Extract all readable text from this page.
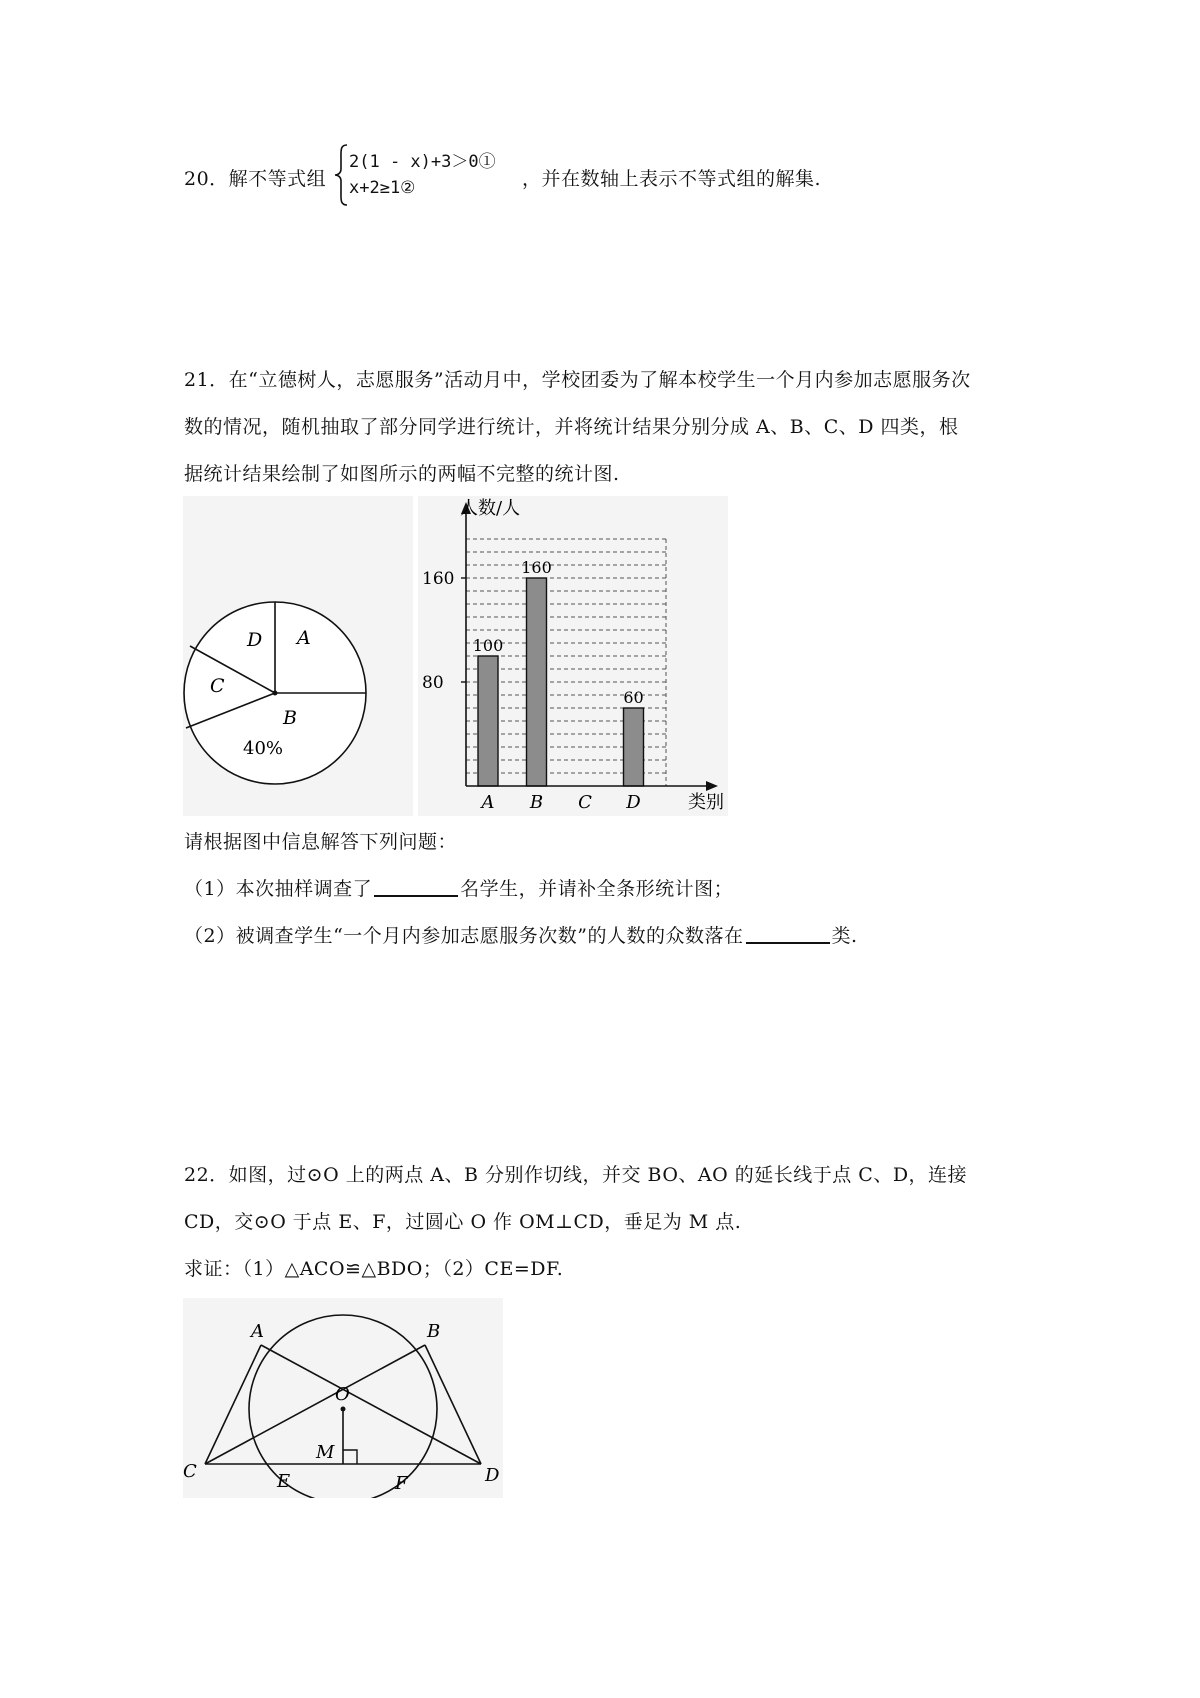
20．解不等式组
2(1 - x)+3＞0①
x+2≥1②	，并在数轴上表示不等式组的解集.
21．在“立德树人，志愿服务”活动月中，学校团委为了解本校学生一个月内参加志愿服务次
数的情况，随机抽取了部分同学进行统计，并将统计结果分别分成 A、B、C、D 四类，根
据统计结果绘制了如图所示的两幅不完整的统计图.
D A
C
B
40%
100
A
160
B C
60
D
人数/人
类别
80
160
请根据图中信息解答下列问题：
（1）本次抽样调查了	名学生，并请补全条形统计图；
（2）被调查学生“一个月内参加志愿服务次数”的人数的众数落在	类.
22．如图，过⊙O 上的两点 A、B 分别作切线，并交 BO、AO 的延长线于点 C、D，连接
CD，交⊙O 于点 E、F，过圆心 O 作 OM⊥CD，垂足为 M 点.
求证：（1）△ACO≌△BDO；（2）CE=DF.
A	B
O
M
C	E	F	D
